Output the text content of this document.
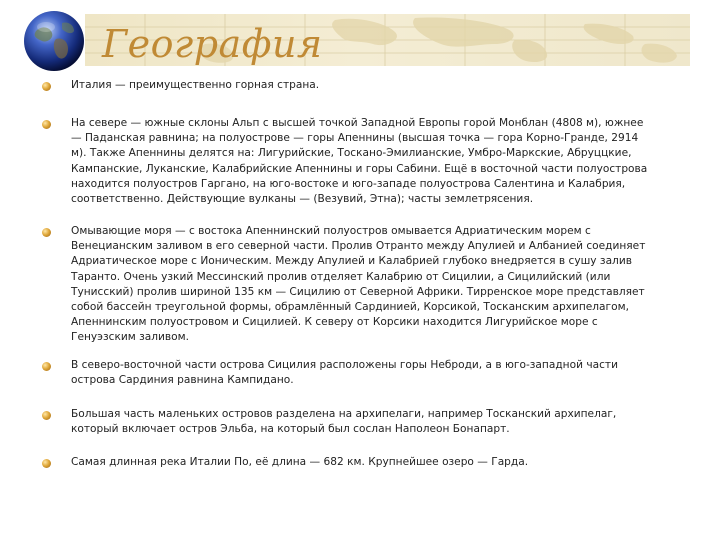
География

Италия — преимущественно горная страна.

На севере — южные склоны Альп с высшей точкой Западной Европы горой Монблан (4808 м), южнее — Паданская равнина; на полуострове — горы Апеннины (высшая точка — гора Корно-Гранде, 2914 м). Также Апеннины делятся на: Лигурийские, Тоскано-Эмилианские, Умбро-Маркские, Абруццкие, Кампанские, Луканские, Калабрийские Апеннины и горы Сабини. Ещё в восточной части полуострова находится полуостров Гаргано, на юго-востоке и юго-западе полуострова Салентина и Калабрия, соответственно. Действующие вулканы — (Везувий, Этна); часты землетрясения.

Омывающие моря — с востока Апеннинский полуостров омывается Адриатическим морем с Венецианским заливом в его северной части. Пролив Отранто между Апулией и Албанией соединяет Адриатическое море с Ионическим. Между Апулией и Калабрией глубоко внедряется в сушу залив Таранто. Очень узкий Мессинский пролив отделяет Калабрию от Сицилии, а Сицилийский (или Тунисский) пролив шириной 135 км — Сицилию от Северной Африки. Тирренское море представляет собой бассейн треугольной формы, обрамлённый Сардинией, Корсикой, Тосканским архипелагом, Апеннинским полуостровом и Сицилией. К северу от Корсики находится Лигурийское море с Генуэзским заливом.

В северо-восточной части острова Сицилия расположены горы Неброди, а в юго-западной части острова Сардиния равнина Кампидано.

Большая часть маленьких островов разделена на архипелаги, например Тосканский архипелаг, который включает остров Эльба, на который был сослан Наполеон Бонапарт.

Самая длинная река Италии По, её длина — 682 км. Крупнейшее озеро — Гарда.
